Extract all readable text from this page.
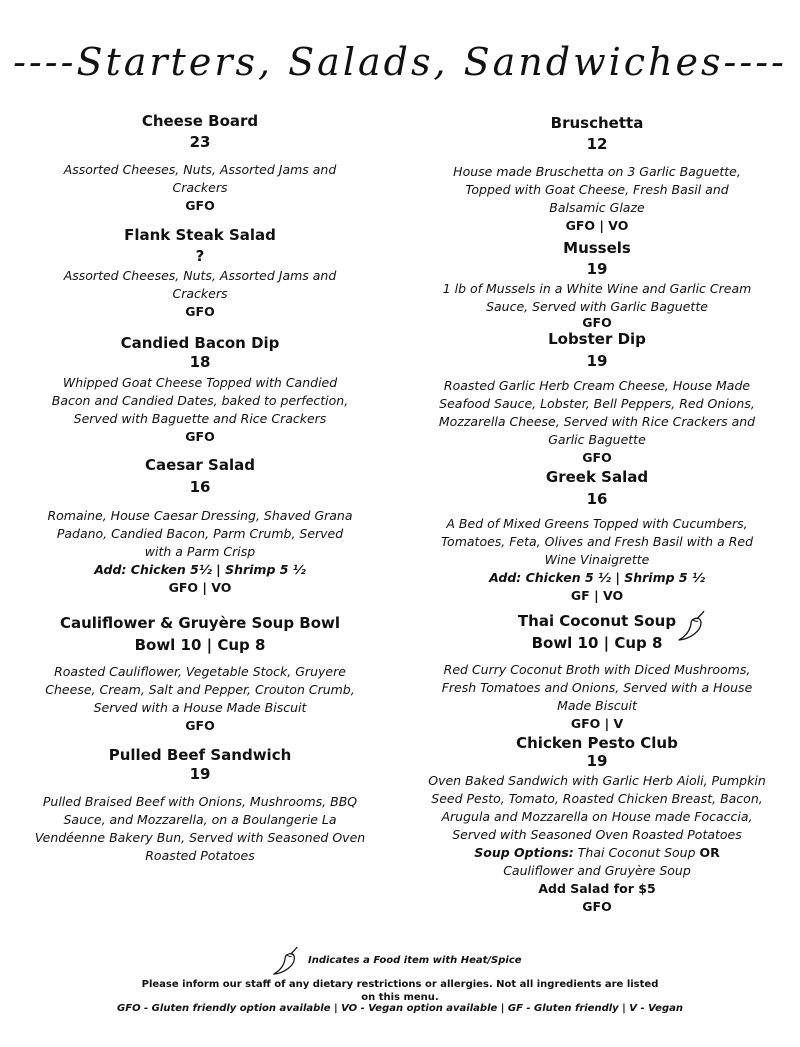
----Starters, Salads, Sandwiches----
Cheese Board
23
Assorted Cheeses, Nuts, Assorted Jams and Crackers
GFO
Flank Steak Salad
?
Assorted Cheeses, Nuts, Assorted Jams and Crackers
GFO
Candied Bacon Dip
18
Whipped Goat Cheese Topped with Candied Bacon and Candied Dates, baked to perfection, Served with Baguette and Rice Crackers
GFO
Caesar Salad
16
Romaine, House Caesar Dressing, Shaved Grana Padano, Candied Bacon, Parm Crumb, Served with a Parm Crisp
Add: Chicken 5½ | Shrimp 5 ½
GFO | VO
Cauliflower & Gruyère Soup Bowl
Bowl 10 | Cup 8
Roasted Cauliflower, Vegetable Stock, Gruyere Cheese, Cream, Salt and Pepper, Crouton Crumb, Served with a House Made Biscuit
GFO
Pulled Beef Sandwich
19
Pulled Braised Beef with Onions, Mushrooms, BBQ Sauce, and Mozzarella, on a Boulangerie La Vendéenne Bakery Bun, Served with Seasoned Oven Roasted Potatoes
Bruschetta
12
House made Bruschetta on 3 Garlic Baguette, Topped with Goat Cheese, Fresh Basil and Balsamic Glaze
GFO | VO
Mussels
19
1 lb of Mussels in a White Wine and Garlic Cream Sauce, Served with Garlic Baguette
GFO
Lobster Dip
19
Roasted Garlic Herb Cream Cheese, House Made Seafood Sauce, Lobster, Bell Peppers, Red Onions, Mozzarella Cheese, Served with Rice Crackers and Garlic Baguette
GFO
Greek Salad
16
A Bed of Mixed Greens Topped with Cucumbers, Tomatoes, Feta, Olives and Fresh Basil with a Red Wine Vinaigrette
Add: Chicken 5 ½ | Shrimp 5 ½
GF | VO
Thai Coconut Soup
Bowl 10 | Cup 8
Red Curry Coconut Broth with Diced Mushrooms, Fresh Tomatoes and Onions, Served with a House Made Biscuit
GFO | V
Chicken Pesto Club
19
Oven Baked Sandwich with Garlic Herb Aioli, Pumpkin Seed Pesto, Tomato, Roasted Chicken Breast, Bacon, Arugula and Mozzarella on House made Focaccia, Served with Seasoned Oven Roasted Potatoes
Soup Options: Thai Coconut Soup OR Cauliflower and Gruyère Soup
Add Salad for $5
GFO
Indicates a Food item with Heat/Spice
Please inform our staff of any dietary restrictions or allergies. Not all ingredients are listed on this menu.
GFO - Gluten friendly option available | VO - Vegan option available | GF - Gluten friendly | V - Vegan
